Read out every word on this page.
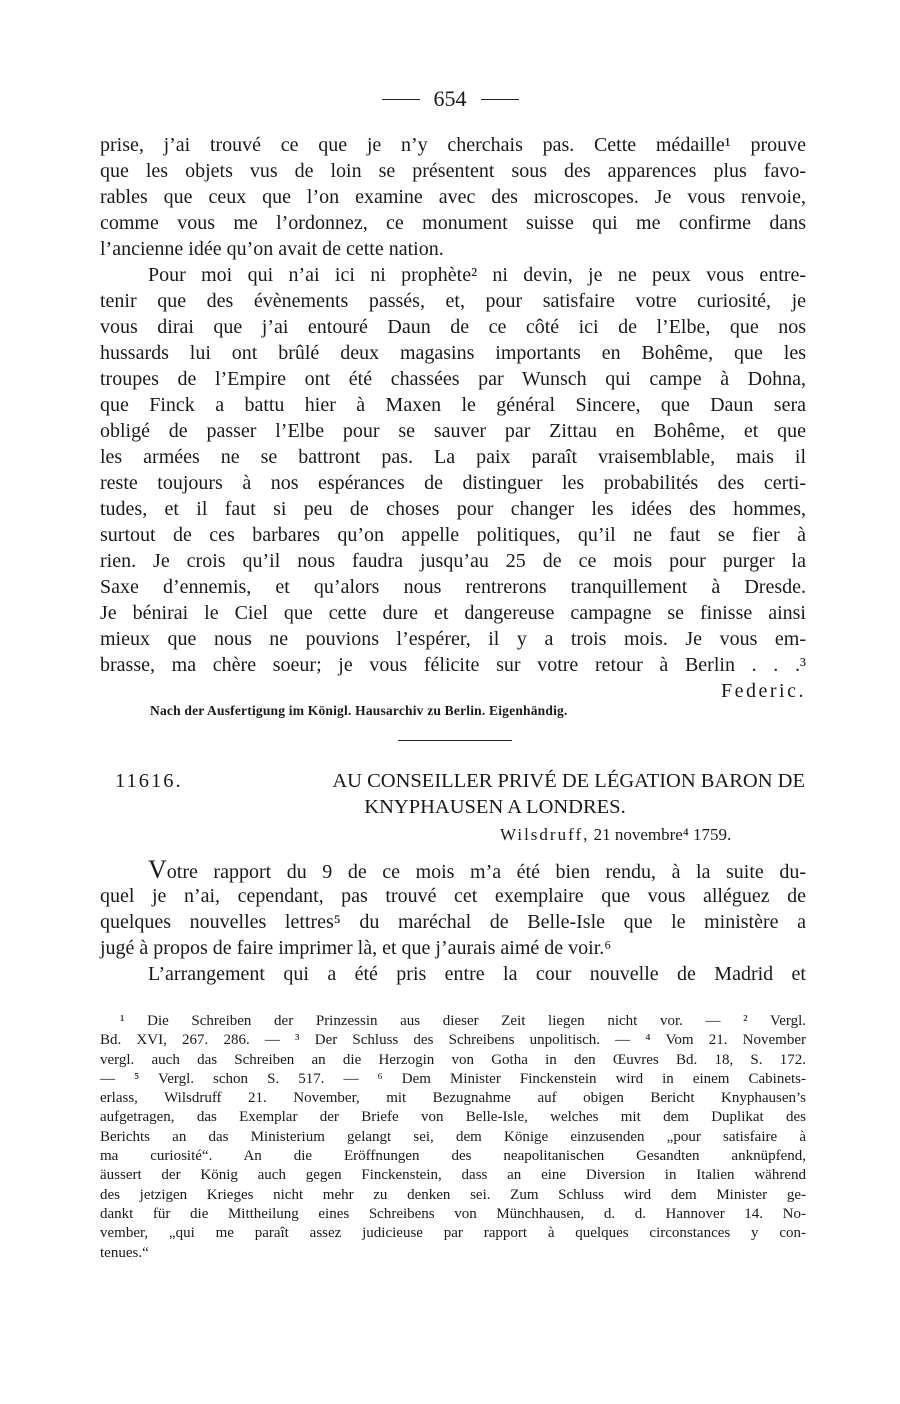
654
prise, j’ai trouvé ce que je n’y cherchais pas. Cette médaille¹ prouve
que les objets vus de loin se présentent sous des apparences plus favo-
rables que ceux que l’on examine avec des microscopes. Je vous renvoie,
comme vous me l’ordonnez, ce monument suisse qui me confirme dans
l’ancienne idée qu’on avait de cette nation.
Pour moi qui n’ai ici ni prophète² ni devin, je ne peux vous entre-
tenir que des évènements passés, et, pour satisfaire votre curiosité, je
vous dirai que j’ai entouré Daun de ce côté ici de l’Elbe, que nos
hussards lui ont brûlé deux magasins importants en Bohême, que les
troupes de l’Empire ont été chassées par Wunsch qui campe à Dohna,
que Finck a battu hier à Maxen le général Sincere, que Daun sera
obligé de passer l’Elbe pour se sauver par Zittau en Bohême, et que
les armées ne se battront pas. La paix paraît vraisemblable, mais il
reste toujours à nos espérances de distinguer les probabilités des certi-
tudes, et il faut si peu de choses pour changer les idées des hommes,
surtout de ces barbares qu’on appelle politiques, qu’il ne faut se fier à
rien. Je crois qu’il nous faudra jusqu’au 25 de ce mois pour purger la
Saxe d’ennemis, et qu’alors nous rentrerons tranquillement à Dresde.
Je bénirai le Ciel que cette dure et dangereuse campagne se finisse ainsi
mieux que nous ne pouvions l’espérer, il y a trois mois. Je vous em-
brasse, ma chère soeur; je vous félicite sur votre retour à Berlin . . .³
Federic.
Nach der Ausfertigung im Königl. Hausarchiv zu Berlin. Eigenhändig.
11616.	AU CONSEILLER PRIVÉ DE LÉGATION BARON DE
KNYPHAUSEN A LONDRES.
Wilsdruff, 21 novembre⁴ 1759.
Votre rapport du 9 de ce mois m’a été bien rendu, à la suite du-
quel je n’ai, cependant, pas trouvé cet exemplaire que vous alléguez de
quelques nouvelles lettres⁵ du maréchal de Belle-Isle que le ministère a
jugé à propos de faire imprimer là, et que j’aurais aimé de voir.⁶
L’arrangement qui a été pris entre la cour nouvelle de Madrid et
¹ Die Schreiben der Prinzessin aus dieser Zeit liegen nicht vor. — ² Vergl.
Bd. XVI, 267. 286. — ³ Der Schluss des Schreibens unpolitisch. — ⁴ Vom 21. November
vergl. auch das Schreiben an die Herzogin von Gotha in den Œuvres Bd. 18, S. 172.
— ⁵ Vergl. schon S. 517. — ⁶ Dem Minister Finckenstein wird in einem Cabinets-
erlass, Wilsdruff 21. November, mit Bezugnahme auf obigen Bericht Knyphausen’s
aufgetragen, das Exemplar der Briefe von Belle-Isle, welches mit dem Duplikat des
Berichts an das Ministerium gelangt sei, dem Könige einzusenden „pour satisfaire à
ma curiosité“. An die Eröffnungen des neapolitanischen Gesandten anknüpfend,
äussert der König auch gegen Finckenstein, dass an eine Diversion in Italien während
des jetzigen Krieges nicht mehr zu denken sei. Zum Schluss wird dem Minister ge-
dankt für die Mittheilung eines Schreibens von Münchhausen, d. d. Hannover 14. No-
vember, „qui me paraît assez judicieuse par rapport à quelques circonstances y con-
tenues.“
